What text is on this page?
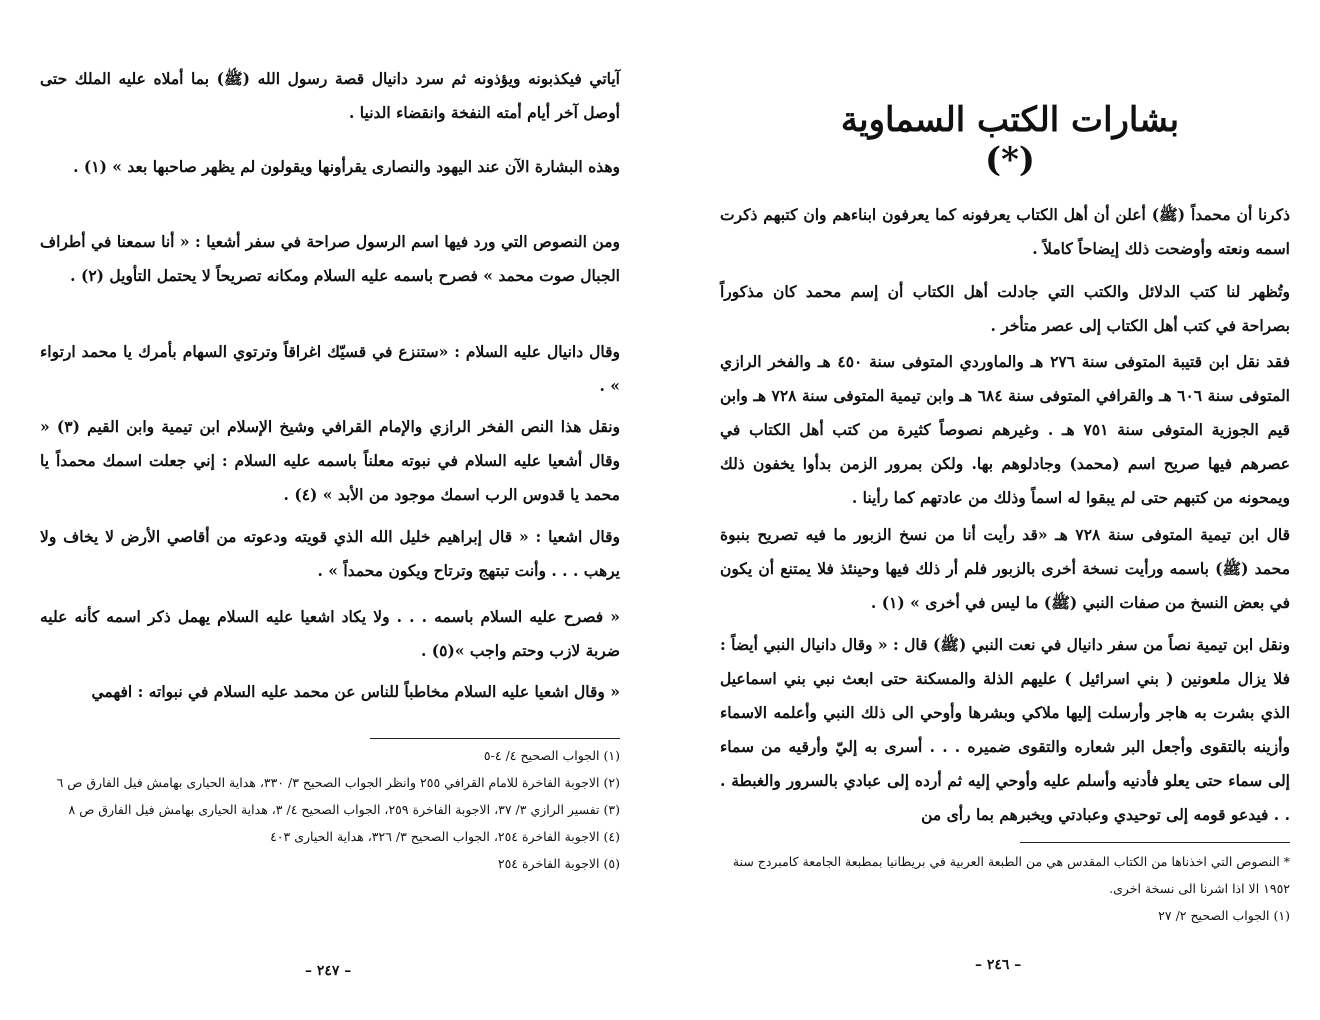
آياتي فيكذبونه ويؤذونه ثم سرد دانيال قصة رسول الله (ﷺ) بما أملاه عليه الملك حتى أوصل آخر أيام أمته النفخة وانقضاء الدنيا .

وهذه البشارة الآن عند اليهود والنصارى يقرأونها ويقولون لم يظهر صاحبها بعد » (١) .

ومن النصوص التي ورد فيها اسم الرسول صراحة في سفر أشعيا : « أنا سمعنا في أطراف الجبال صوت محمد » فصرح باسمه عليه السلام ومكانه تصريحاً لا يحتمل التأويل (٢) .

وقال دانيال عليه السلام : «ستنزع في قسيّك اغراقاً وترتوي السهام بأمرك يا محمد ارتواء » .

ونقل هذا النص الفخر الرازي والإمام القرافي وشيخ الإسلام ابن تيمية وابن القيم (٣) « وقال أشعيا عليه السلام في نبوته معلناً باسمه عليه السلام : إني جعلت اسمك محمداً يا محمد يا قدوس الرب اسمك موجود من الأبد » (٤) .

وقال اشعيا : « قال إبراهيم خليل الله الذي قويته ودعوته من أقاصي الأرض لا يخاف ولا يرهب . . . وأنت تبتهج وترتاح ويكون محمداً » .

« فصرح عليه السلام باسمه . . . ولا يكاد اشعيا عليه السلام يهمل ذكر اسمه كأنه عليه ضربة لازب وحتم واجب »(٥) .

« وقال اشعيا عليه السلام مخاطباً للناس عن محمد عليه السلام في نبواته : افهمي

(١) الجواب الصحيح ٤/ ٤-٥
(٢) الاجوبة الفاخرة للامام القرافي ٢٥٥ وانظر الجواب الصحيح ٣/ ٣٣٠، هداية الحيارى بهامش فيل الفارق ص ٦
(٣) تفسير الرازي ٣/ ٣٧، الاجوبة الفاخرة ٢٥٩، الجواب الصحيح ٤/ ٣، هداية الحيارى بهامش فيل الفارق ص ٨
(٤) الاجوبة الفاخرة ٢٥٤، الجواب الصحيح ٣/ ٣٢٦، هداية الحيارى ٤٠٣
(٥) الاجوبة الفاخرة ٢٥٤
– ٢٤٧ –
بشارات الكتب السماوية (*)

ذكرنا أن محمداً (ﷺ) أعلن أن أهل الكتاب يعرفونه كما يعرفون ابناءهم وان كتبهم ذكرت اسمه ونعته وأوضحت ذلك إيضاحاً كاملاً .

وتُظهر لنا كتب الدلائل والكتب التي جادلت أهل الكتاب أن إسم محمد كان مذكوراً بصراحة في كتب أهل الكتاب إلى عصر متأخر .

فقد نقل ابن قتيبة المتوفى سنة ٢٧٦ هـ والماوردي المتوفى سنة ٤٥٠ هـ والفخر الرازي المتوفى سنة ٦٠٦ هـ والقرافي المتوفى سنة ٦٨٤ هـ وابن تيمية المتوفى سنة ٧٢٨ هـ وابن قيم الجوزية المتوفى سنة ٧٥١ هـ . وغيرهم نصوصاً كثيرة من كتب أهل الكتاب في عصرهم فيها صريح اسم (محمد) وجادلوهم بها. ولكن بمرور الزمن بدأوا يخفون ذلك ويمحونه من كتبهم حتى لم يبقوا له اسماً وذلك من عادتهم كما رأينا .

قال ابن تيمية المتوفى سنة ٧٢٨ هـ «قد رأيت أنا من نسخ الزبور ما فيه تصريح بنبوة محمد (ﷺ) باسمه ورأيت نسخة أخرى بالزبور فلم أر ذلك فيها وحينئذ فلا يمتنع أن يكون في بعض النسخ من صفات النبي (ﷺ) ما ليس في أخرى » (١) .

ونقل ابن تيمية نصاً من سفر دانيال في نعت النبي (ﷺ) قال : « وقال دانيال النبي أيضاً : فلا يزال ملعونين ( بني اسرائيل ) عليهم الذلة والمسكنة حتى ابعث نبي بني اسماعيل الذي بشرت به هاجر وأرسلت إليها ملاكي وبشرها وأوحي الى ذلك النبي وأعلمه الاسماء وأزينه بالتقوى وأجعل البر شعاره والتقوى ضميره . . . أسرى به إليّ وأرقيه من سماء إلى سماء حتى يعلو فأدنيه وأسلم عليه وأوحي إليه ثم أرده إلى عبادي بالسرور والغبطة . . . فيدعو قومه إلى توحيدي وعبادتي ويخبرهم بما رأى من

* النصوص التي اخذناها من الكتاب المقدس هي من الطبعة العربية في بريطانيا بمطبعة الجامعة كامبردج سنة ١٩٥٢ الا اذا اشرنا الى نسخة اخرى.
(١) الجواب الصحيح ٢/ ٢٧
– ٢٤٦ –
